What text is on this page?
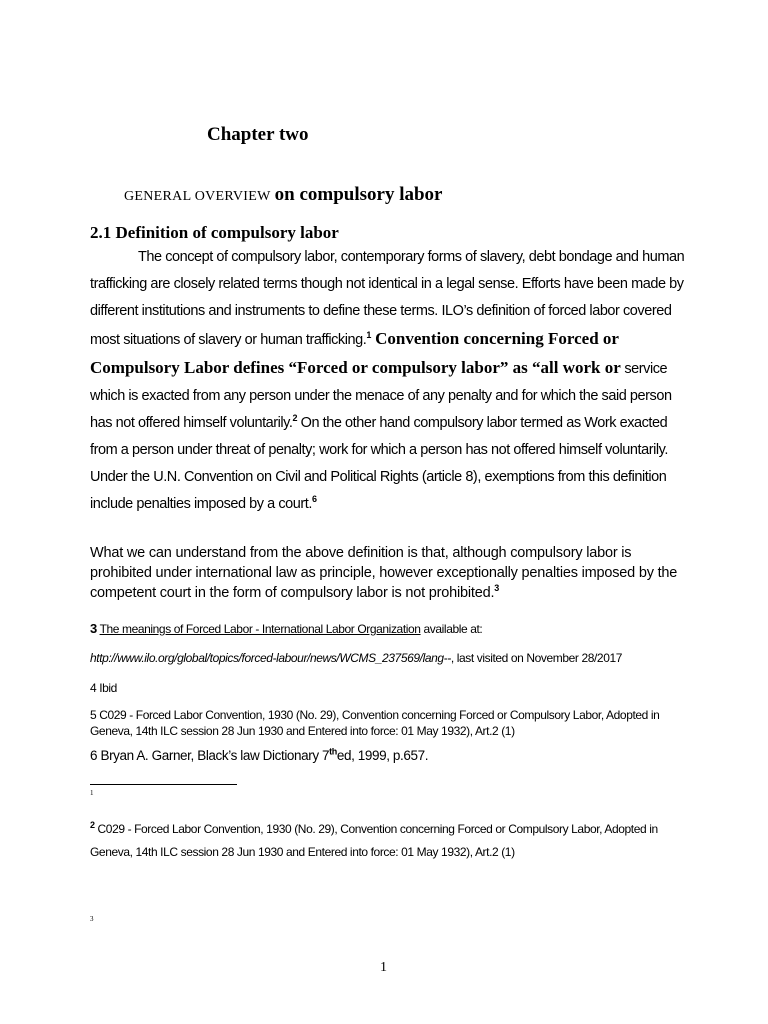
Chapter two
GENERAL OVERVIEW on compulsory labor
2.1 Definition of compulsory labor
The concept of compulsory labor, contemporary forms of slavery, debt bondage and human trafficking are closely related terms though not identical in a legal sense. Efforts have been made by different institutions and instruments to define these terms. ILO’s definition of forced labor covered most situations of slavery or human trafficking.$^1$ Convention concerning Forced or Compulsory Labor defines “Forced or compulsory labor” as “all work or service which is exacted from any person under the menace of any penalty and for which the said person has not offered himself voluntarily.$^2$ On the other hand compulsory labor termed as Work exacted from a person under threat of penalty; work for which a person has not offered himself voluntarily. Under the U.N. Convention on Civil and Political Rights (article 8), exemptions from this definition include penalties imposed by a court.$^6$
What we can understand from the above definition is that, although compulsory labor is prohibited under international law as principle, however exceptionally penalties imposed by the competent court in the form of compulsory labor is not prohibited.$^3$
3 The meanings of Forced Labor - International Labor Organization available at:
http://www.ilo.org/global/topics/forced-labour/news/WCMS_237569/lang--, last visited on November 28/2017
4 Ibid
5 C029 - Forced Labor Convention, 1930 (No. 29), Convention concerning Forced or Compulsory Labor, Adopted in Geneva, 14th ILC session 28 Jun 1930 and Entered into force: 01 May 1932), Art.2 (1)
6 Bryan A. Garner, Black’s law Dictionary 7thed, 1999, p.657.
1
$^2$ C029 - Forced Labor Convention, 1930 (No. 29), Convention concerning Forced or Compulsory Labor, Adopted in Geneva, 14th ILC session 28 Jun 1930 and Entered into force: 01 May 1932), Art.2 (1)
3
1
